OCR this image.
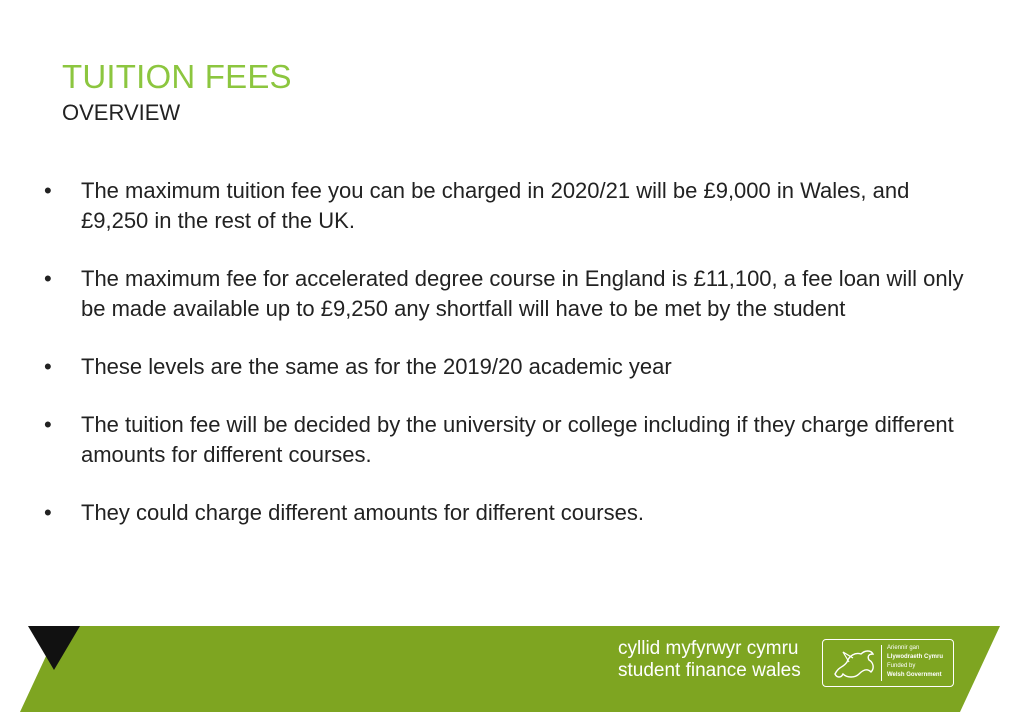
TUITION FEES
OVERVIEW
•	The maximum tuition fee you can be charged in 2020/21 will be £9,000 in Wales, and £9,250 in the rest of the UK.
•	The maximum fee for accelerated degree course in England is £11,100, a fee loan will only be made available up to £9,250 any shortfall will have to be met by the student
•	These levels are the same as for the 2019/20 academic year
•	The tuition fee will be decided by the university or college including if they charge different amounts for different courses.
•	They could charge different amounts for different courses.
cyllid myfyrwyr cymru
student finance wales
Ariennir gan
Llywodraeth Cymru
Funded by
Welsh Government
